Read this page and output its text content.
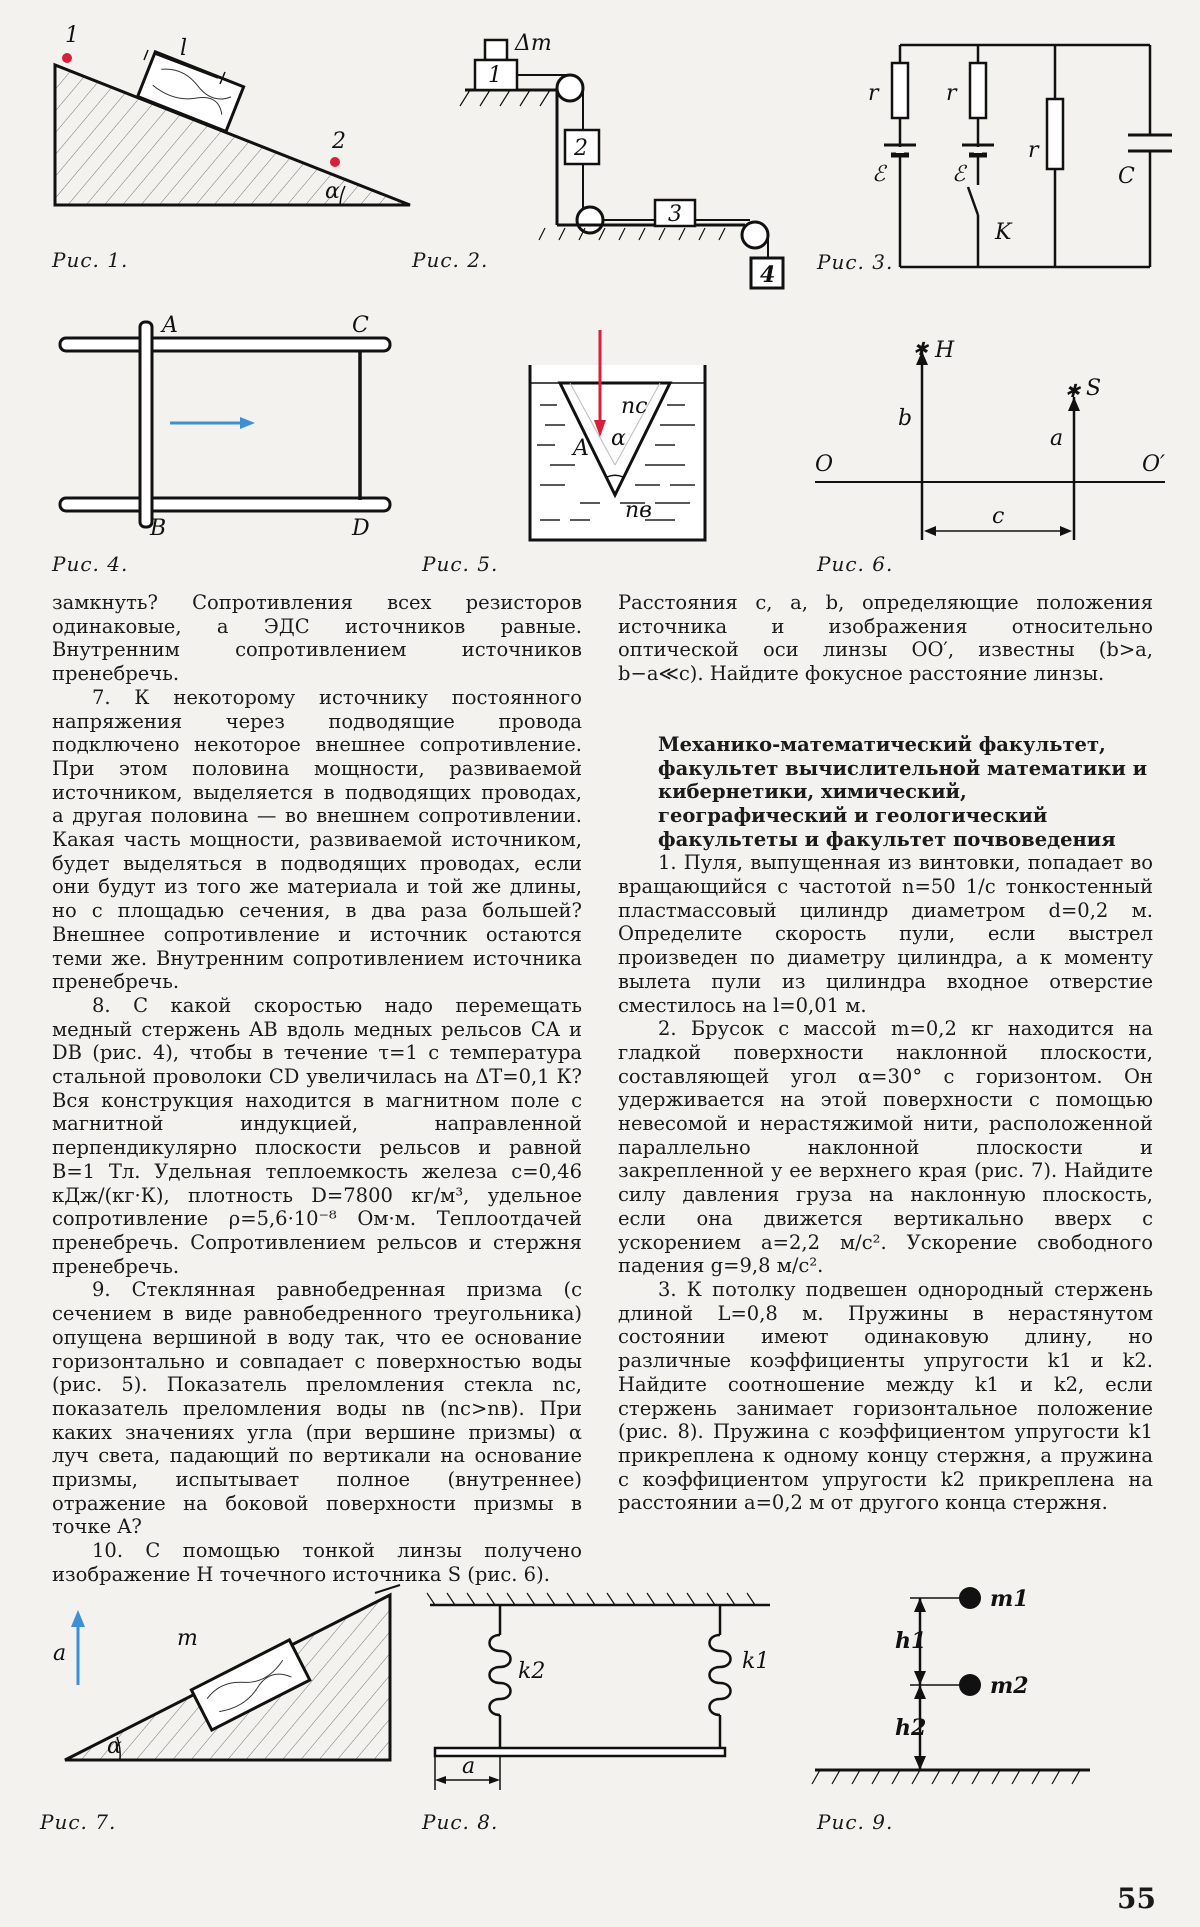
1
l
2
α
Рис. 1.
Δm
1
2
3
4
Рис. 2.
r	r
r
ℰ	ℰ	C
K
Рис. 3.
A
B
C
D
Рис. 4.
nc
α
A
nв
Рис. 5.
✱
✱
H
S
b
a
O	O′
c
Рис. 6.

замкнуть? Сопротивления всех резисторов одинаковые, а ЭДС источников равные. Внутренним сопротивлением источников пренебречь.

7. К некоторому источнику постоянного напряжения через подводящие провода подключено некоторое внешнее сопротивление. При этом половина мощности, развиваемой источником, выделяется в подводящих проводах, а другая половина — во внешнем сопротивлении. Какая часть мощности, развиваемой источником, будет выделяться в подводящих проводах, если они будут из того же материала и той же длины, но с площадью сечения, в два раза большей? Внешнее сопротивление и источник остаются теми же. Внутренним сопротивлением источника пренебречь.

8. С какой скоростью надо перемещать медный стержень AB вдоль медных рельсов CA и DB (рис. 4), чтобы в течение τ=1 с температура стальной проволоки CD увеличилась на ΔT=0,1 К? Вся конструкция находится в магнитном поле с магнитной индукцией, направленной перпендикулярно плоскости рельсов и равной B=1 Тл. Удельная теплоемкость железа c=0,46 кДж/(кг·К), плотность D=7800 кг/м³, удельное сопротивление ρ=5,6·10⁻⁸ Ом·м. Теплоотдачей пренебречь. Сопротивлением рельсов и стержня пренебречь.

9. Стеклянная равнобедренная призма (с сечением в виде равнобедренного треугольника) опущена вершиной в воду так, что ее основание горизонтально и совпадает с поверхностью воды (рис. 5). Показатель преломления стекла nc, показатель преломления воды nв (nc>nв). При каких значениях угла (при вершине призмы) α луч света, падающий по вертикали на основание призмы, испытывает полное (внутреннее) отражение на боковой поверхности призмы в точке A?

10. С помощью тонкой линзы получено изображение H точечного источника S (рис. 6).

Расстояния c, a, b, определяющие положения источника и изображения относительно оптической оси линзы OO′, известны (b>a, b−a≪c). Найдите фокусное расстояние линзы.

Механико-математический факультет, факультет вычислительной математики и кибернетики, химический, географический и геологический факультеты и факультет почвоведения

1. Пуля, выпущенная из винтовки, попадает во вращающийся с частотой n=50 1/с тонкостенный пластмассовый цилиндр диаметром d=0,2 м. Определите скорость пули, если выстрел произведен по диаметру цилиндра, а к моменту вылета пули из цилиндра входное отверстие сместилось на l=0,01 м.

2. Брусок с массой m=0,2 кг находится на гладкой поверхности наклонной плоскости, составляющей угол α=30° с горизонтом. Он удерживается на этой поверхности с помощью невесомой и нерастяжимой нити, расположенной параллельно наклонной плоскости и закрепленной у ее верхнего края (рис. 7). Найдите силу давления груза на наклонную плоскость, если она движется вертикально вверх с ускорением a=2,2 м/с². Ускорение свободного падения g=9,8 м/с².

3. К потолку подвешен однородный стержень длиной L=0,8 м. Пружины в нерастянутом состоянии имеют одинаковую длину, но различные коэффициенты упругости k1 и k2. Найдите соотношение между k1 и k2, если стержень занимает горизонтальное положение (рис. 8). Пружина с коэффициентом упругости k1 прикреплена к одному концу стержня, а пружина с коэффициентом упругости k2 прикреплена на расстоянии a=0,2 м от другого конца стержня.

a
m
α
Рис. 7.
k2	k1
a
Рис. 8.
m1
m2
h1
h2
Рис. 9.
55
